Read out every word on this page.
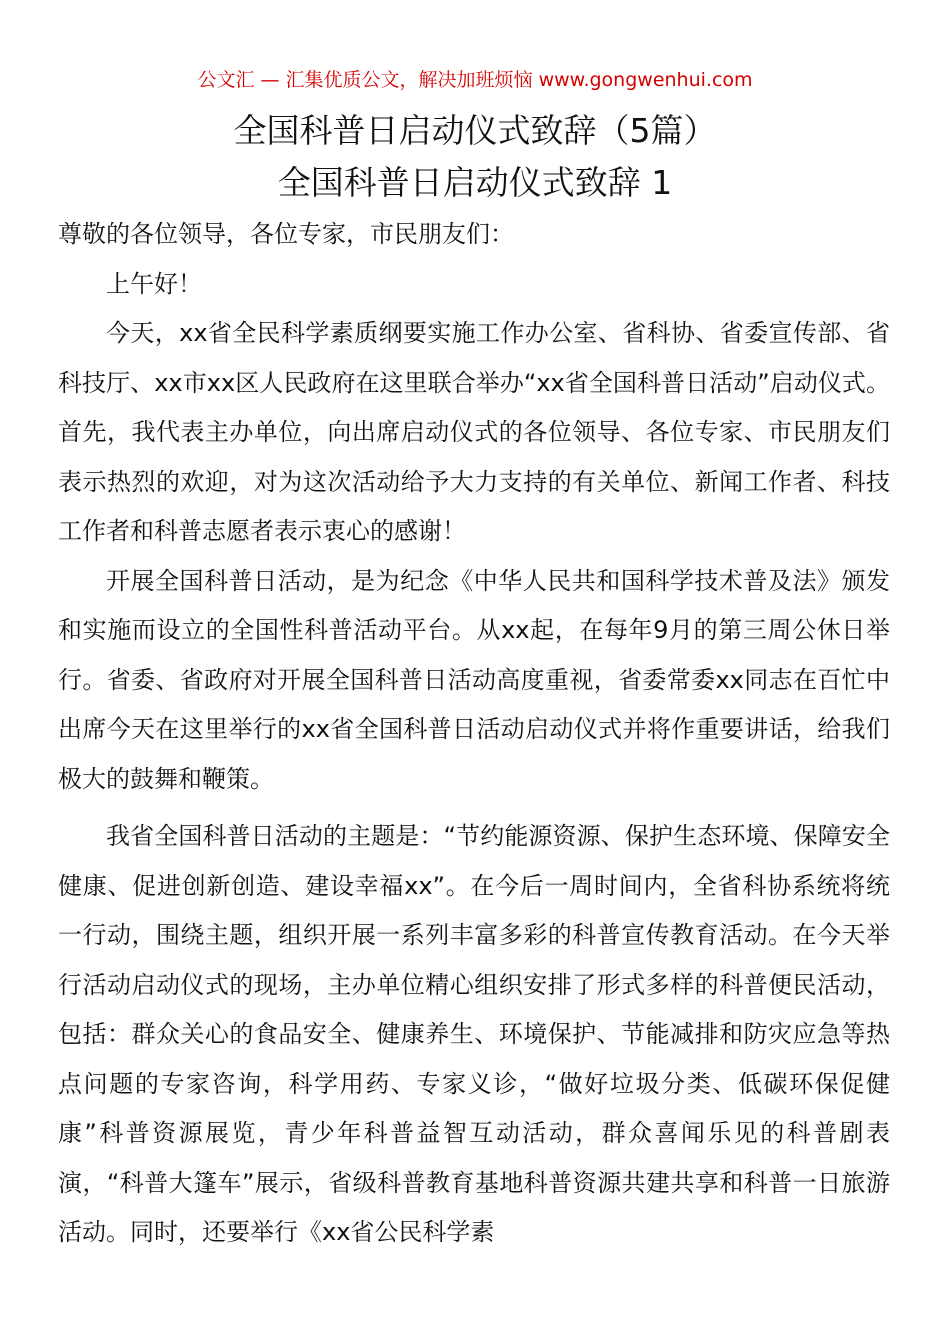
公文汇 — 汇集优质公文，解决加班烦恼 www.gongwenhui.com
全国科普日启动仪式致辞（5篇）
全国科普日启动仪式致辞 1

尊敬的各位领导，各位专家，市民朋友们：

上午好！

今天，xx省全民科学素质纲要实施工作办公室、省科协、省委宣传部、省科技厅、xx市xx区人民政府在这里联合举办“xx省全国科普日活动”启动仪式。首先，我代表主办单位，向出席启动仪式的各位领导、各位专家、市民朋友们表示热烈的欢迎，对为这次活动给予大力支持的有关单位、新闻工作者、科技工作者和科普志愿者表示衷心的感谢！

开展全国科普日活动，是为纪念《中华人民共和国科学技术普及法》颁发和实施而设立的全国性科普活动平台。从xx起，在每年9月的第三周公休日举行。省委、省政府对开展全国科普日活动高度重视，省委常委xx同志在百忙中出席今天在这里举行的xx省全国科普日活动启动仪式并将作重要讲话，给我们极大的鼓舞和鞭策。

我省全国科普日活动的主题是：“节约能源资源、保护生态环境、保障安全健康、促进创新创造、建设幸福xx”。在今后一周时间内，全省科协系统将统一行动，围绕主题，组织开展一系列丰富多彩的科普宣传教育活动。在今天举行活动启动仪式的现场，主办单位精心组织安排了形式多样的科普便民活动，包括：群众关心的食品安全、健康养生、环境保护、节能减排和防灾应急等热点问题的专家咨询，科学用药、专家义诊，“做好垃圾分类、低碳环保促健康”科普资源展览，青少年科普益智互动活动，群众喜闻乐见的科普剧表演，“科普大篷车”展示，省级科普教育基地科普资源共建共享和科普一日旅游活动。同时，还要举行《xx省公民科学素
